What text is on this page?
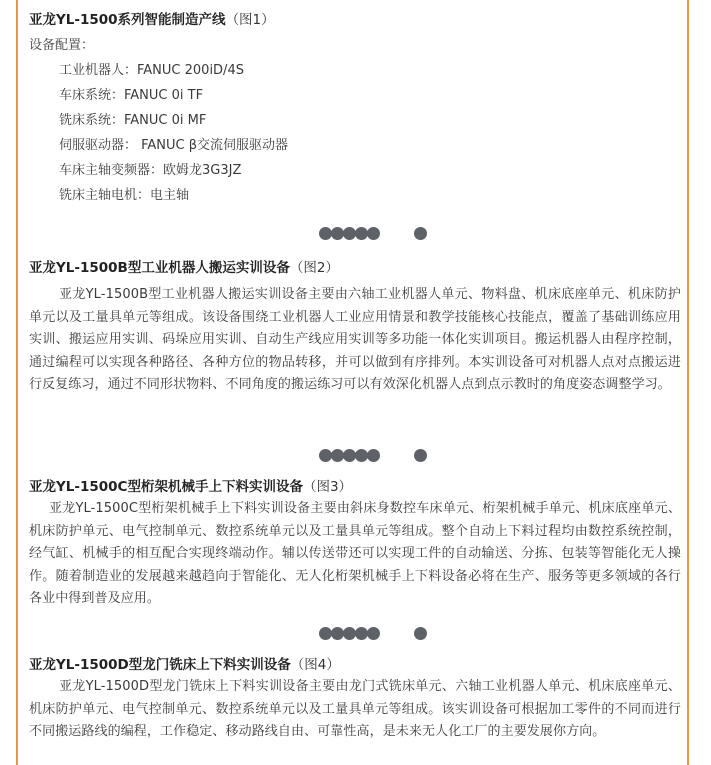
亚龙YL-1500系列智能制造产线（图1）
设备配置：
工业机器人：FANUC 200iD/4S
车床系统：FANUC 0i TF
铣床系统：FANUC 0i MF
伺服驱动器： FANUC β交流伺服驱动器
车床主轴变频器：欧姆龙3G3JZ
铣床主轴电机：电主轴
亚龙YL-1500B型工业机器人搬运实训设备（图2）

亚龙YL-1500B型工业机器人搬运实训设备主要由六轴工业机器人单元、物料盘、机床底座单元、机床防护单元以及工量具单元等组成。该设备围绕工业机器人工业应用情景和教学技能核心技能点，覆盖了基础训练应用实训、搬运应用实训、码垛应用实训、自动生产线应用实训等多功能一体化实训项目。搬运机器人由程序控制，通过编程可以实现各种路径、各种方位的物品转移，并可以做到有序排列。本实训设备可对机器人点对点搬运进行反复练习，通过不同形状物料、不同角度的搬运练习可以有效深化机器人点到点示教时的角度姿态调整学习。

亚龙YL-1500C型桁架机械手上下料实训设备（图3）

亚龙YL-1500C型桁架机械手上下料实训设备主要由斜床身数控车床单元、桁架机械手单元、机床底座单元、机床防护单元、电气控制单元、数控系统单元以及工量具单元等组成。整个自动上下料过程均由数控系统控制，经气缸、机械手的相互配合实现终端动作。辅以传送带还可以实现工件的自动输送、分拣、包装等智能化无人操作。随着制造业的发展越来越趋向于智能化、无人化桁架机械手上下料设备必将在生产、服务等更多领域的各行各业中得到普及应用。

亚龙YL-1500D型龙门铣床上下料实训设备（图4）

亚龙YL-1500D型龙门铣床上下料实训设备主要由龙门式铣床单元、六轴工业机器人单元、机床底座单元、机床防护单元、电气控制单元、数控系统单元以及工量具单元等组成。该实训设备可根据加工零件的不同而进行不同搬运路线的编程，工作稳定、移动路线自由、可靠性高，是未来无人化工厂的主要发展你方向。
